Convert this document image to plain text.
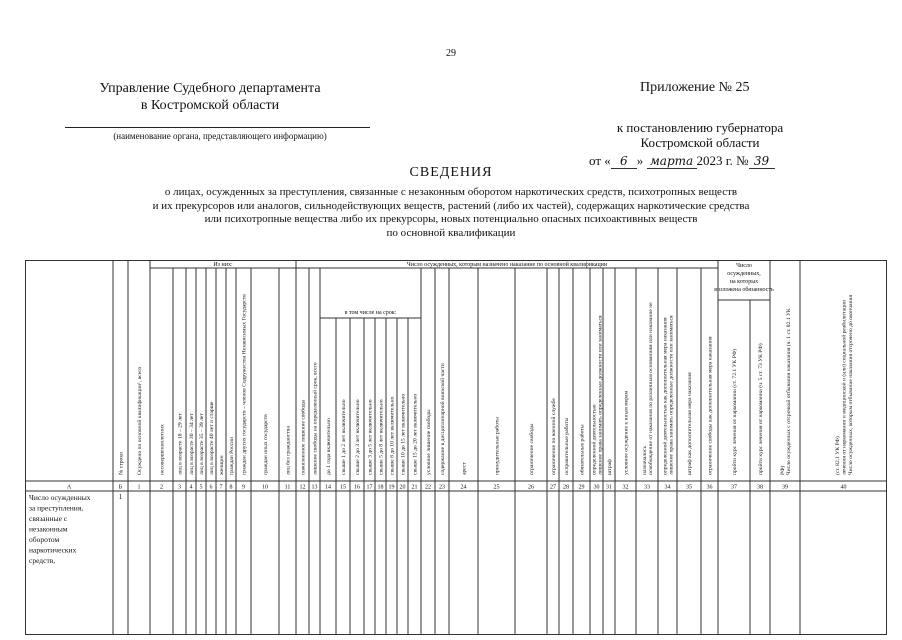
29
Управление Судебного департамента
в Костромской области
(наименование органа, представляющего информацию)
Приложение № 25
к постановлению губернатора
Костромской области
от « 6 » марта 2023 г. № 39
СВЕДЕНИЯ
о лицах, осужденных за преступления, связанные с незаконным оборотом наркотических средств, психотропных веществ
и их прекурсоров или аналогов, сильнодействующих веществ, растений (либо их частей), содержащих наркотические средства
или психотропные вещества либо их прекурсоры, новых потенциально опасных психоактивных веществ
по основной квалификации
Из них:	Число осужденных, которым назначено наказание по основной квалификации
в том числе на срок:
Число осужденных, на которых возложена обязанность
А	Б
№ строки
1
Осуждено по основной квалификации¹, всего
2
несовершеннолетних
3
лиц в возрасте 18 – 29 лет
4
лиц в возрасте 30 – 34 лет
5
лиц в возрасте 35 – 39 лет
6
лиц в возрасте 40 лет и старше
7
женщин
8
граждан России
9
граждан других государств – членов Содружества Независимых Государств
10
граждан иных государств
11
лиц без гражданства
12
пожизненное лишение свободы
13
лишение свободы на определенный срок, всего
14
до 1 года включительно
15
свыше 1 до 2 лет включительно
16
свыше 2 до 3 лет включительно
17
свыше 3 до 5 лет включительно
18
свыше 5 до 8 лет включительно
19
свыше 8 до 10 лет включительно
20
свыше 10 до 15 лет включительно
21
свыше 15 до 20 лет включительно
22
условное лишение свободы
23
содержание в дисциплинарной воинской части
24
арест
25
принудительные работы
26
ограничение свободы
27
ограничение по военной службе
28
исправительные работы
29
обязательные работы
30
лишение права занимать определенные должности или заниматьсяопределенной деятельностью
31
штраф
32
условное осуждение к иным мерам
33
освобождение от наказания по различным основаниям или наказание неназначалось
34
лишение права занимать определенные должности или заниматьсяопределенной деятельностью как дополнительная мера наказания
35
штраф как дополнительная мера наказания
36
ограничение свободы как дополнительная мера наказания
37
пройти курс лечения от наркомании (ст. 72.1 УК РФ)
38
пройти курс лечения от наркомании (ч. 5 ст. 73 УК РФ)
39
Число осужденных с отсрочкой отбывания наказания (ч. 1 ст. 82.1 УКРФ)
40
Число осужденных, которым отбывание наказания отсрочено до окончаниялечения от наркомании и медицинской и (или) социальной реабилитации(ст. 82.1 УК РФ)
Число осужденных за преступления, связанные с незаконным оборотом наркотических средств,
1
